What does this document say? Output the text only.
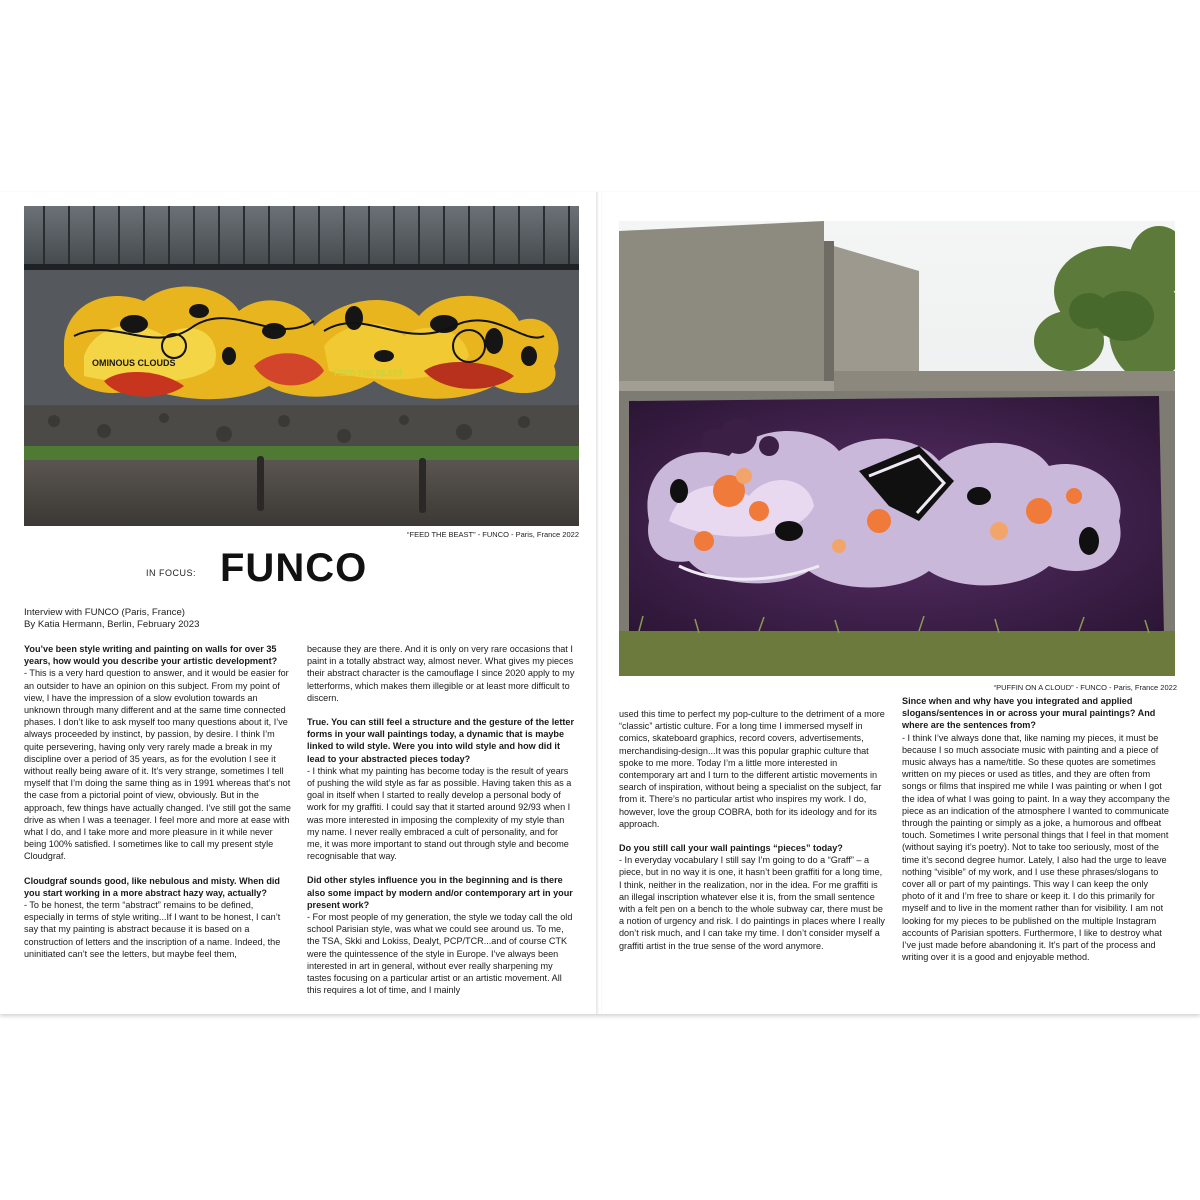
OMINOUS CLOUDS
FEED THE BEAST
“FEED THE BEAST” - FUNCO - Paris, France 2022
IN FOCUS: FUNCO
Interview with FUNCO (Paris, France)
By Katia Hermann, Berlin, February 2023

You’ve been style writing and painting on walls for over 35 years, how would you describe your artistic development?

- This is a very hard question to answer, and it would be easier for an outsider to have an opinion on this subject. From my point of view, I have the impression of a slow evolution towards an unknown through many different and at the same time connected phases. I don’t like to ask myself too many questions about it, I’ve always proceeded by instinct, by passion, by desire. I think I’m quite persevering, having only very rarely made a break in my discipline over a period of 35 years, as for the evolution I see it without really being aware of it. It’s very strange, sometimes I tell myself that I’m doing the same thing as in 1991 whereas that’s not the case from a pictorial point of view, obviously. But in the approach, few things have actually changed. I’ve still got the same drive as when I was a teenager. I feel more and more at ease with what I do, and I take more and more pleasure in it while never being 100% satisfied. I sometimes like to call my present style Cloudgraf.

Cloudgraf sounds good, like nebulous and misty. When did you start working in a more abstract hazy way, actually?

- To be honest, the term “abstract” remains to be defined, especially in terms of style writing...If I want to be honest, I can’t say that my painting is abstract because it is based on a construction of letters and the inscription of a name. Indeed, the uninitiated can’t see the letters, but maybe feel them,

because they are there. And it is only on very rare occasions that I paint in a totally abstract way, almost never. What gives my pieces their abstract character is the camouflage I since 2020 apply to my letterforms, which makes them illegible or at least more difficult to discern.

True. You can still feel a structure and the gesture of the letter forms in your wall paintings today, a dynamic that is maybe linked to wild style. Were you into wild style and how did it lead to your abstracted pieces today?

- I think what my painting has become today is the result of years of pushing the wild style as far as possible. Having taken this as a goal in itself when I started to really develop a personal body of work for my graffiti. I could say that it started around 92/93 when I was more interested in imposing the complexity of my style than my name. I never really embraced a cult of personality, and for me, it was more important to stand out through style and become recognisable that way.

Did other styles influence you in the beginning and is there also some impact by modern and/or contemporary art in your present work?

- For most people of my generation, the style we today call the old school Parisian style, was what we could see around us. To me, the TSA, Skki and Lokiss, Dealyt, PCP/TCR...and of course CTK were the quintessence of the style in Europe. I’ve always been interested in art in general, without ever really sharpening my tastes focusing on a particular artist or an artistic movement. All this requires a lot of time, and I mainly

“PUFFIN ON A CLOUD” - FUNCO - Paris, France 2022

used this time to perfect my pop-culture to the detriment of a more “classic” artistic culture. For a long time I immersed myself in comics, skateboard graphics, record covers, advertisements, merchandising-design...It was this popular graphic culture that spoke to me more. Today I’m a little more interested in contemporary art and I turn to the different artistic movements in search of inspiration, without being a specialist on the subject, far from it. There’s no particular artist who inspires my work. I do, however, love the group COBRA, both for its ideology and for its approach.

Do you still call your wall paintings “pieces” today?

- In everyday vocabulary I still say I’m going to do a “Graff” – a piece, but in no way it is one, it hasn’t been graffiti for a long time, I think, neither in the realization, nor in the idea. For me graffiti is an illegal inscription whatever else it is, from the small sentence with a felt pen on a bench to the whole subway car, there must be a notion of urgency and risk. I do paintings in places where I really don’t risk much, and I can take my time. I don’t consider myself a graffiti artist in the true sense of the word anymore.

Since when and why have you integrated and applied slogans/sentences in or across your mural paintings? And where are the sentences from?

- I think I’ve always done that, like naming my pieces, it must be because I so much associate music with painting and a piece of music always has a name/title. So these quotes are sometimes written on my pieces or used as titles, and they are often from songs or films that inspired me while I was painting or when I got the idea of what I was going to paint. In a way they accompany the piece as an indication of the atmosphere I wanted to communicate through the painting or simply as a joke, a humorous and offbeat touch. Sometimes I write personal things that I feel in that moment (without saying it’s poetry). Not to take too seriously, most of the time it’s second degree humor. Lately, I also had the urge to leave nothing “visible” of my work, and I use these phrases/slogans to cover all or part of my paintings. This way I can keep the only photo of it and I’m free to share or keep it. I do this primarily for myself and to live in the moment rather than for visibility. I am not looking for my pieces to be published on the multiple Instagram accounts of Parisian spotters. Furthermore, I like to destroy what I’ve just made before abandoning it. It’s part of the process and writing over it is a good and enjoyable method.
